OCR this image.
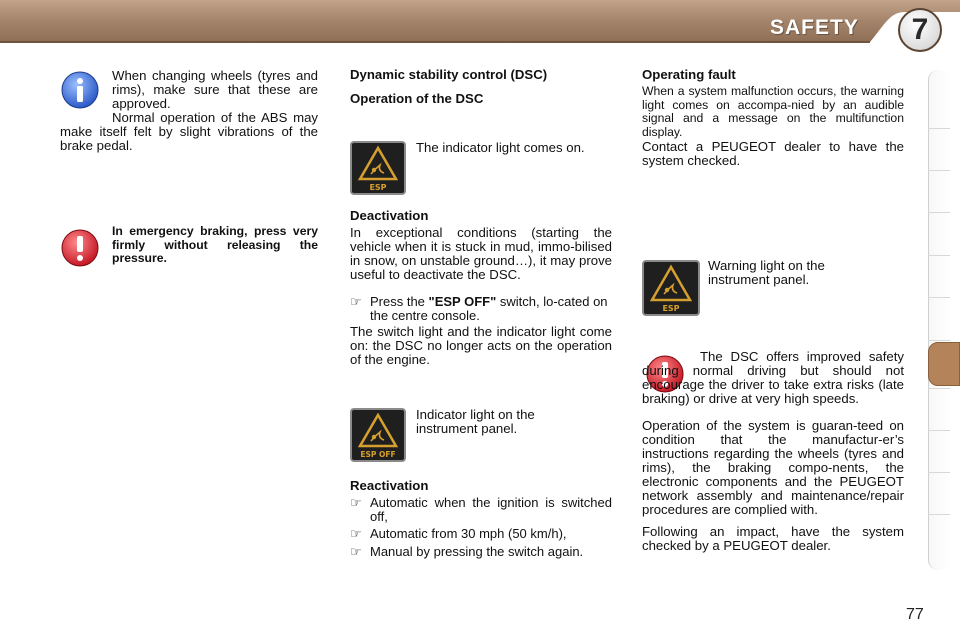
SAFETY	7
When changing wheels (tyres and rims), make sure that these are approved.
Normal operation of the ABS may make itself felt by slight vibrations of the brake pedal.
In emergency braking, press very firmly without releasing the pressure.
Dynamic stability control (DSC)
Operation of the DSC
ESP
The indicator light comes on.
Deactivation
In exceptional conditions (starting the vehicle when it is stuck in mud, immo-bilised in snow, on unstable ground…), it may prove useful to deactivate the DSC.
☞ Press the "ESP OFF" switch, lo-cated on the centre console.
The switch light and the indicator light come on: the DSC no longer acts on the operation of the engine.
ESP OFF
Indicator light on the instrument panel.
Reactivation
☞ Automatic when the ignition is switched off,
☞ Automatic from 30 mph (50 km/h),
☞ Manual by pressing the switch again.
Operating fault
When a system malfunction occurs, the warning light comes on accompa-nied by an audible signal and a message on the multifunction display.
Contact a PEUGEOT dealer to have the system checked.
ESP
Warning light on the instrument panel.
The DSC offers improved safety during normal driving but should not encourage the driver to take extra risks (late braking) or drive at very high speeds.
Operation of the system is guaran-teed on condition that the manufactur-er’s instructions regarding the wheels (tyres and rims), the braking compo-nents, the electronic components and the PEUGEOT network assembly and maintenance/repair procedures are complied with.
Following an impact, have the system checked by a PEUGEOT dealer.
77
